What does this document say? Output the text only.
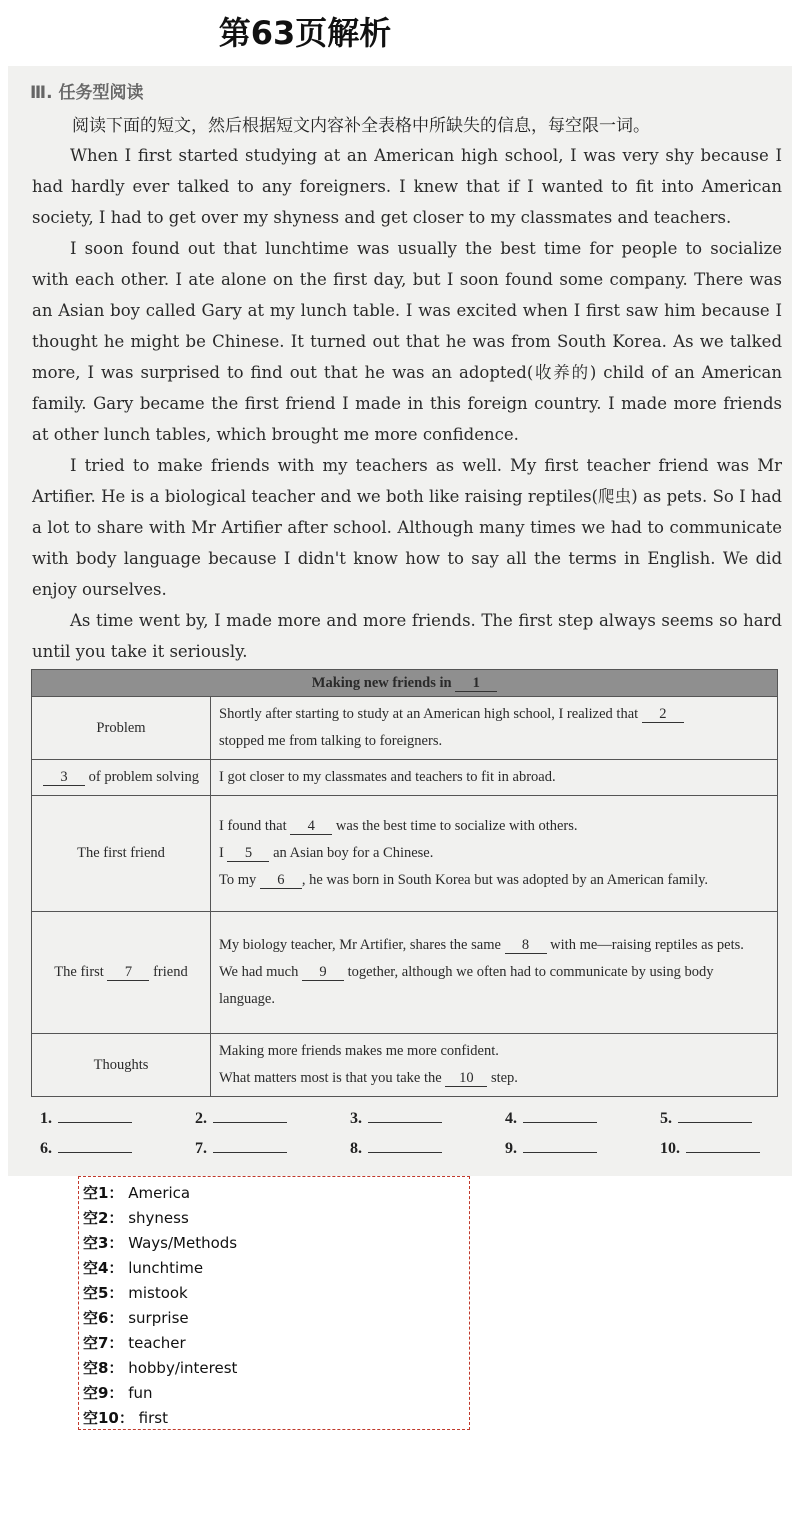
第63页解析
Ⅲ. 任务型阅读
阅读下面的短文，然后根据短文内容补全表格中所缺失的信息，每空限一词。

When I first started studying at an American high school, I was very shy because I had hardly ever talked to any foreigners. I knew that if I wanted to fit into American society, I had to get over my shyness and get closer to my classmates and teachers.

I soon found out that lunchtime was usually the best time for people to socialize with each other. I ate alone on the first day, but I soon found some company. There was an Asian boy called Gary at my lunch table. I was excited when I first saw him because I thought he might be Chinese. It turned out that he was from South Korea. As we talked more, I was surprised to find out that he was an adopted(收养的) child of an American family. Gary became the first friend I made in this foreign country. I made more friends at other lunch tables, which brought me more confidence.

I tried to make friends with my teachers as well. My first teacher friend was Mr Artifier. He is a biological teacher and we both like raising reptiles(爬虫) as pets. So I had a lot to share with Mr Artifier after school. Although many times we had to communicate with body language because I didn't know how to say all the terms in English. We did enjoy ourselves.

As time went by, I made more and more friends. The first step always seems so hard until you take it seriously.

Making new friends in 1	
Problem	Shortly after starting to study at an American high school, I realized that 2
stopped me from talking to foreigners.
3 of problem solving	I got closer to my classmates and teachers to fit in abroad.
The first friend	I found that 4 was the best time to socialize with others.
I 5 an Asian boy for a Chinese.
To my 6 , he was born in South Korea but was adopted by an American family.
The first 7 friend	My biology teacher, Mr Artifier, shares the same 8 with me—raising reptiles as pets.
We had much 9 together, although we often had to communicate by using body language.
Thoughts	Making more friends makes me more confident.
What matters most is that you take the 10 step.
1.	2.	3.	4.	5.
6.	7.	8.	9.	10.
空1： America
空2： shyness
空3： Ways/Methods
空4： lunchtime
空5： mistook
空6： surprise
空7： teacher
空8： hobby/interest
空9： fun
空10： first
